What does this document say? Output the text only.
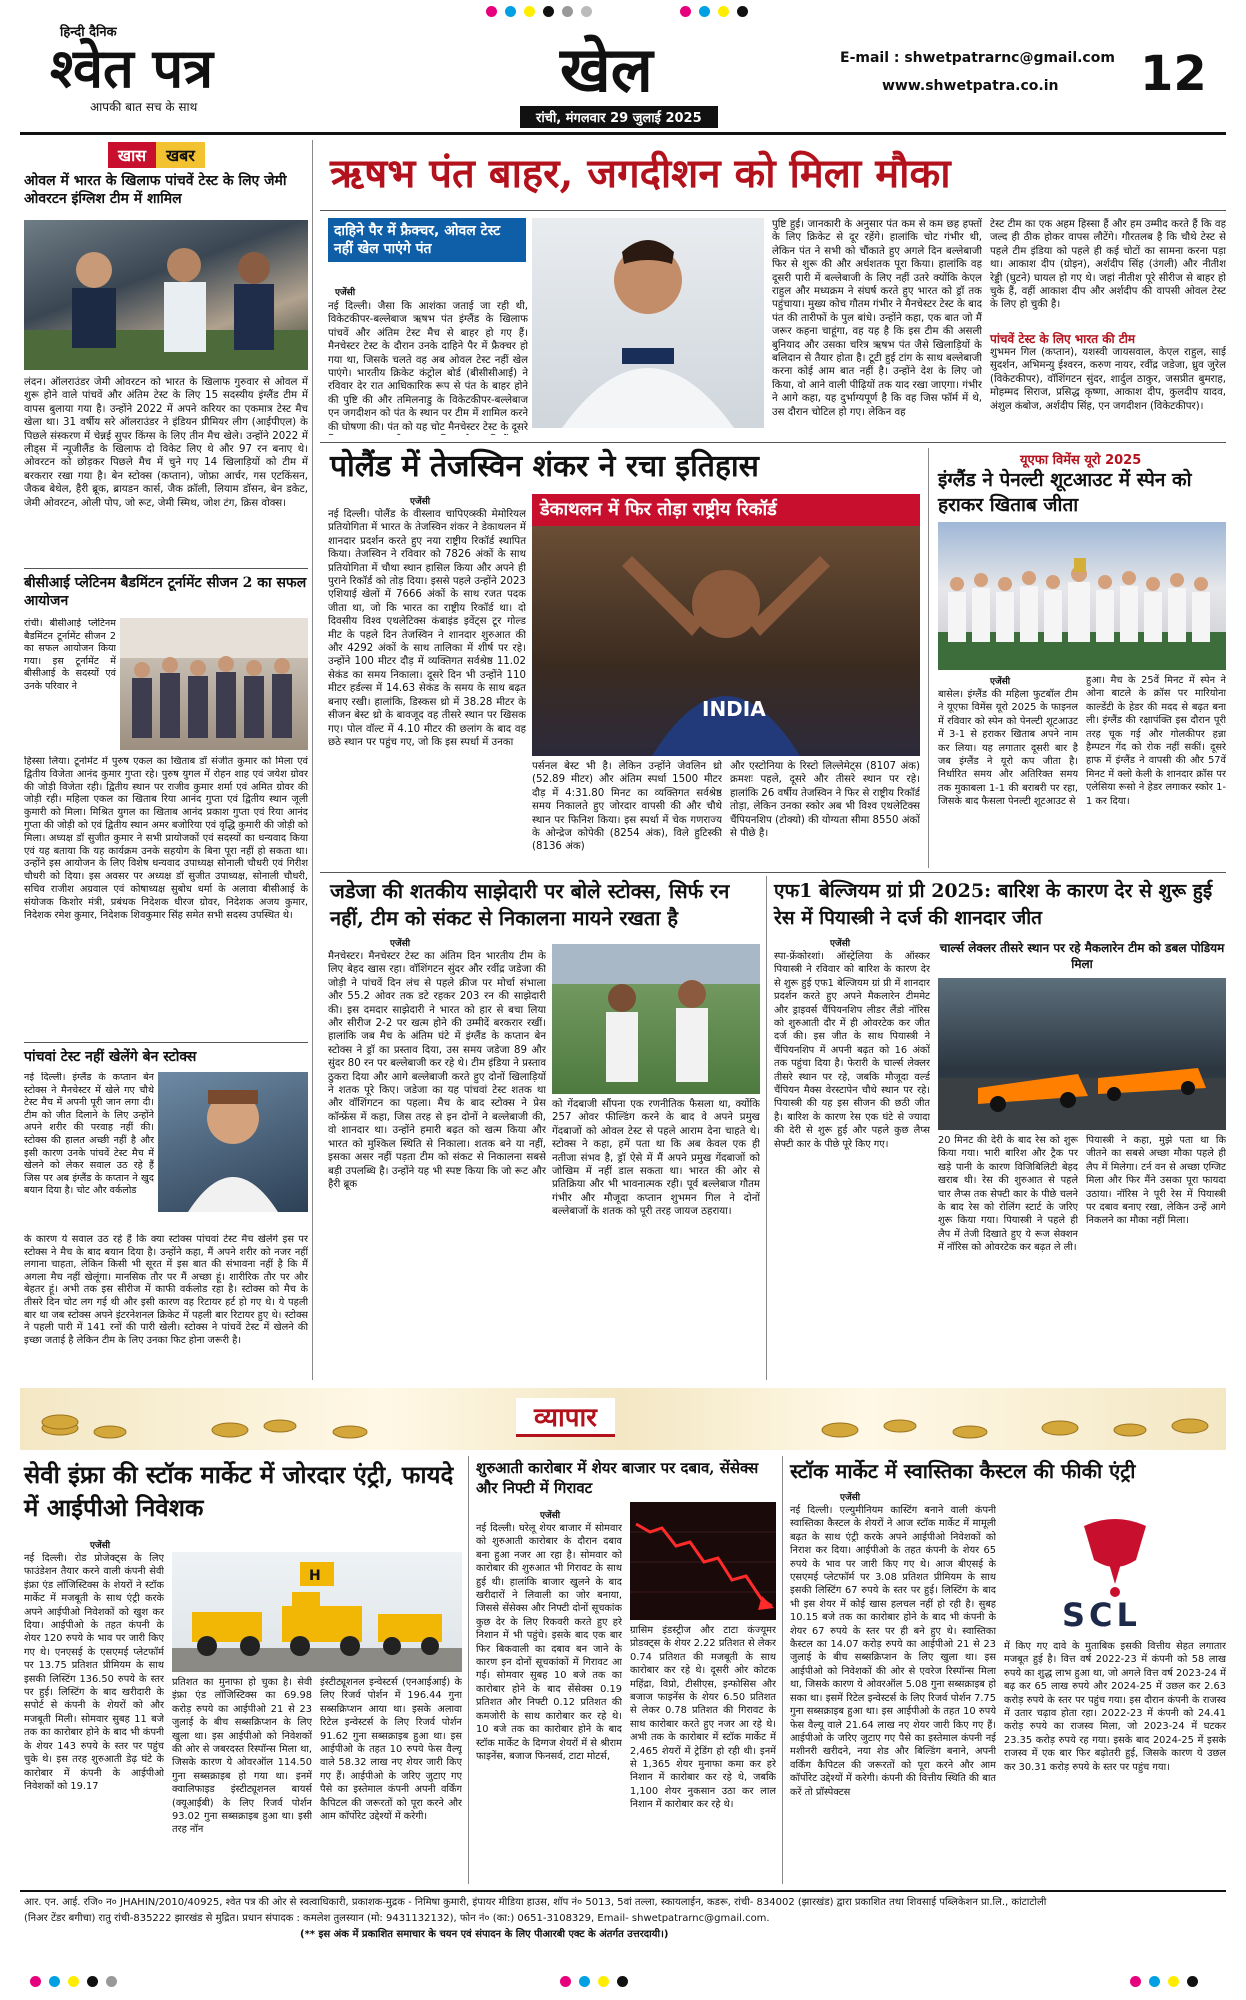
हिन्दी दैनिक
श्वेत पत्र
आपकी बात सच के साथ
खेल
रांची, मंगलवार 29 जुलाई 2025
E-mail : shwetpatrarnc@gmail.com
www.shwetpatra.co.in 12
खास	खबर
ओवल में भारत के खिलाफ पांचवें टेस्ट के लिए जेमी ओवरटन इंग्लिश टीम में शामिल
लंदन। ऑलराउंडर जेमी ओवरटन को भारत के खिलाफ गुरुवार से ओवल में शुरू होने वाले पांचवें और अंतिम टेस्ट के लिए 15 सदस्यीय इंग्लैंड टीम में वापस बुलाया गया है। उन्होंने 2022 में अपने करियर का एकमात्र टेस्ट मैच खेला था। 31 वर्षीय सरे ऑलराउंडर ने इंडियन प्रीमियर लीग (आईपीएल) के पिछले संस्करण में चेन्नई सुपर किंग्स के लिए तीन मैच खेले। उन्होंने 2022 में लीड्स में न्यूजीलैंड के खिलाफ दो विकेट लिए थे और 97 रन बनाए थे। ओवरटन को छोड़कर पिछले मैच में चुने गए 14 खिलाड़ियों को टीम में बरकरार रखा गया है। बेन स्टोक्स (कप्तान), जोफ्रा आर्चर, गस एटकिंसन, जैकब बेथेल, हैरी ब्रूक, ब्रायडन कार्स, जैक क्रॉली, लियाम डॉसन, बेन डकेट, जेमी ओवरटन, ओली पोप, जो रूट, जेमी स्मिथ, जोश टंग, क्रिस वोक्स।
बीसीआई प्लेटिनम बैडमिंटन टूर्नामेंट सीजन 2 का सफल आयोजन
रांची। बीसीआई प्लेटिनम बैडमिंटन टूर्नामेंट सीजन 2 का सफल आयोजन किया गया। इस टूर्नामेंट में बीसीआई के सदस्यों एवं उनके परिवार ने
हिस्सा लिया। टूर्नामेंट में पुरुष एकल का खिताब डॉ संजीत कुमार को मिला एवं द्वितीय विजेता आनंद कुमार गुप्ता रहे। पुरुष युगल में रोहन शाह एवं जयेश ग्रोवर की जोड़ी विजेता रही। द्वितीय स्थान पर राजीव कुमार शर्मा एवं अमित ग्रोवर की जोड़ी रही। महिला एकल का खिताब रिया आनंद गुप्ता एवं द्वितीय स्थान जूली कुमारी को मिला। मिश्रित युगल का खिताब आनंद प्रकाश गुप्ता एवं रिया आनंद गुप्ता की जोड़ी को एवं द्वितीय स्थान अमर बजोरिया एवं वृद्धि कुमारी की जोड़ी को मिला। अध्यक्ष डॉ सुजीत कुमार ने सभी प्रायोजकों एवं सदस्यों का धन्यवाद किया एवं यह बताया कि यह कार्यक्रम उनके सहयोग के बिना पूरा नहीं हो सकता था। उन्होंने इस आयोजन के लिए विशेष धन्यवाद उपाध्यक्ष सोनाली चौधरी एवं गिरीश चौधरी को दिया। इस अवसर पर अध्यक्ष डॉ सुजीत उपाध्यक्ष, सोनाली चौधरी, सचिव राजीश अग्रवाल एवं कोषाध्यक्ष सुबोध धर्मा के अलावा बीसीआई के संयोजक किशोर मंत्री, प्रबंधक निदेशक धीरज ग्रोवर, निदेशक अजय कुमार, निदेशक रमेश कुमार, निदेशक शिवकुमार सिंह समेत सभी सदस्य उपस्थित थे।
पांचवां टेस्ट नहीं खेलेंगे बेन स्टोक्स
नई दिल्ली। इंग्लैंड के कप्तान बेन स्टोक्स ने मैनचेस्टर में खेले गए चौथे टेस्ट मैच में अपनी पूरी जान लगा दी। टीम को जीत दिलाने के लिए उन्होंने अपने शरीर की परवाह नहीं की। स्टोक्स की हालत अच्छी नहीं है और इसी कारण उनके पांचवें टेस्ट मैच में खेलने को लेकर सवाल उठ रहे हैं जिस पर अब इंग्लैंड के कप्तान ने खुद बयान दिया है। चोट और वर्कलोड
के कारण ये सवाल उठ रहे हैं कि क्या स्टोक्स पांचवां टेस्ट मैच खेलेंगे इस पर स्टोक्स ने मैच के बाद बयान दिया है। उन्होंने कहा, मैं अपने शरीर को नजर नहीं लगाना चाहता, लेकिन किसी भी सूरत में इस बात की संभावना नहीं है कि मैं अगला मैच नहीं खेलूंगा। मानसिक तौर पर मैं अच्छा हूं। शारीरिक तौर पर और बेहतर हूं। अभी तक इस सीरीज में काफी वर्कलोड रहा है। स्टोक्स को मैच के तीसरे दिन चोट लग गई थी और इसी कारण वह रिटायर हर्ट हो गए थे। ये पहली बार था जब स्टोक्स अपने इंटरनेशनल क्रिकेट में पहली बार रिटायर हुए थे। स्टोक्स ने पहली पारी में 141 रनों की पारी खेली। स्टोक्स ने पांचवें टेस्ट में खेलने की इच्छा जताई है लेकिन टीम के लिए उनका फिट होना जरूरी है।
ऋषभ पंत बाहर, जगदीशन को मिला मौका
दाहिने पैर में फ्रैक्चर, ओवल टेस्ट नहीं खेल पाएंगे पंत
एजेंसी
नई दिल्ली। जैसा कि आशंका जताई जा रही थी, विकेटकीपर-बल्लेबाज ऋषभ पंत इंग्लैंड के खिलाफ पांचवें और अंतिम टेस्ट मैच से बाहर हो गए हैं। मैनचेस्टर टेस्ट के दौरान उनके दाहिने पैर में फ्रैक्चर हो गया था, जिसके चलते वह अब ओवल टेस्ट नहीं खेल पाएंगे। भारतीय क्रिकेट कंट्रोल बोर्ड (बीसीसीआई) ने रविवार देर रात आधिकारिक रूप से पंत के बाहर होने की पुष्टि की और तमिलनाडु के विकेटकीपर-बल्लेबाज एन जगदीशन को पंत के स्थान पर टीम में शामिल करने की घोषणा की। पंत को यह चोट मैनचेस्टर टेस्ट के दूसरे
पुष्टि हुई। जानकारी के अनुसार पंत कम से कम छह हफ्तों के लिए क्रिकेट से दूर रहेंगे। हालांकि चोट गंभीर थी, लेकिन पंत ने सभी को चौंकाते हुए अगले दिन बल्लेबाजी फिर से शुरू की और अर्धशतक पूरा किया। हालांकि वह दूसरी पारी में बल्लेबाजी के लिए नहीं उतरे क्योंकि केएल राहुल और मध्यक्रम ने संघर्ष करते हुए भारत को ड्रॉ तक पहुंचाया। मुख्य कोच गौतम गंभीर ने मैनचेस्टर टेस्ट के बाद पंत की तारीफों के पुल बांधे। उन्होंने कहा, एक बात जो मैं जरूर कहना चाहूंगा, वह यह है कि इस टीम की असली बुनियाद और उसका चरित्र ऋषभ पंत जैसे खिलाड़ियों के बलिदान से तैयार होता है। टूटी हुई टांग के साथ बल्लेबाजी करना कोई आम बात नहीं है। उन्होंने देश के लिए जो किया, वो आने वाली पीढ़ियों तक याद रखा जाएगा। गंभीर ने आगे कहा, यह दुर्भाग्यपूर्ण है कि वह जिस फॉर्म में थे, उस दौरान चोटिल हो गए। लेकिन वह
टेस्ट टीम का एक अहम हिस्सा हैं और हम उम्मीद करते हैं कि वह जल्द ही ठीक होकर वापस लौटेंगे। गौरतलब है कि चौथे टेस्ट से पहले टीम इंडिया को पहले ही कई चोटों का सामना करना पड़ा था। आकाश दीप (ग्रोइन), अर्शदीप सिंह (उंगली) और नीतीश रेड्डी (घुटने) घायल हो गए थे। जहां नीतीश पूरे सीरीज से बाहर हो चुके हैं, वहीं आकाश दीप और अर्शदीप की वापसी ओवल टेस्ट के लिए हो चुकी है।
पांचवें टेस्ट के लिए भारत की टीम
शुभमन गिल (कप्तान), यशस्वी जायसवाल, केएल राहुल, साई सुदर्शन, अभिमन्यु ईश्वरन, करुण नायर, रवींद्र जडेजा, ध्रुव जुरेल (विकेटकीपर), वॉशिंगटन सुंदर, शार्दुल ठाकुर, जसप्रीत बुमराह, मोहम्मद सिराज, प्रसिद्ध कृष्णा, आकाश दीप, कुलदीप यादव, अंशुल कंबोज, अर्शदीप सिंह, एन जगदीशन (विकेटकीपर)।
पोलैंड में तेजस्विन शंकर ने रचा इतिहास
एजेंसी
नई दिल्ली। पोलैंड के वीस्लाव चापिएव्स्की मेमोरियल प्रतियोगिता में भारत के तेजस्विन शंकर ने डेकाथलन में शानदार प्रदर्शन करते हुए नया राष्ट्रीय रिकॉर्ड स्थापित किया। तेजस्विन ने रविवार को 7826 अंकों के साथ प्रतियोगिता में चौथा स्थान हासिल किया और अपने ही पुराने रिकॉर्ड को तोड़ दिया। इससे पहले उन्होंने 2023 एशियाई खेलों में 7666 अंकों के साथ रजत पदक जीता था, जो कि भारत का राष्ट्रीय रिकॉर्ड था। दो दिवसीय विश्व एथलेटिक्स कंबाइंड इवेंट्स टूर गोल्ड मीट के पहले दिन तेजस्विन ने शानदार शुरुआत की और 4292 अंकों के साथ तालिका में शीर्ष पर रहे। उन्होंने 100 मीटर दौड़ में व्यक्तिगत सर्वश्रेष्ठ 11.02 सेकंड का समय निकाला। दूसरे दिन भी उन्होंने 110 मीटर हर्डल्स में 14.63 सेकंड के समय के साथ बढ़त बनाए रखी। हालांकि, डिस्कस थ्रो में 38.28 मीटर के सीजन बेस्ट थ्रो के बावजूद वह तीसरे स्थान पर खिसक गए। पोल वॉल्ट में 4.10 मीटर की छलांग के बाद वह छठे स्थान पर पहुंच गए, जो कि इस स्पर्धा में उनका
डेकाथलन में फिर तोड़ा राष्ट्रीय रिकॉर्ड
INDIA
पर्सनल बेस्ट भी है। लेकिन उन्होंने जेवलिन थ्रो (52.89 मीटर) और अंतिम स्पर्धा 1500 मीटर दौड़ में 4:31.80 मिनट का व्यक्तिगत सर्वश्रेष्ठ समय निकालते हुए जोरदार वापसी की और चौथे स्थान पर फिनिश किया। इस स्पर्धा में चेक गणराज्य के ओन्द्रेज कोपेकी (8254 अंक), विले हुटिस्की (8136 अंक)
और एस्टोनिया के रिस्टो लिल्लेमेट्स (8107 अंक) क्रमशः पहले, दूसरे और तीसरे स्थान पर रहे। हालांकि 26 वर्षीय तेजस्विन ने फिर से राष्ट्रीय रिकॉर्ड तोड़ा, लेकिन उनका स्कोर अब भी विश्व एथलेटिक्स चैंपियनशिप (टोक्यो) की योग्यता सीमा 8550 अंकों से पीछे है।
यूएफा विमेंस यूरो 2025
इंग्लैंड ने पेनल्टी शूटआउट में स्पेन को हराकर खिताब जीता
एजेंसी
बासेल। इंग्लैंड की महिला फुटबॉल टीम ने यूएफा विमेंस यूरो 2025 के फाइनल में रविवार को स्पेन को पेनल्टी शूटआउट में 3-1 से हराकर खिताब अपने नाम कर लिया। यह लगातार दूसरी बार है जब इंग्लैंड ने यूरो कप जीता है। निर्धारित समय और अतिरिक्त समय तक मुकाबला 1-1 की बराबरी पर रहा, जिसके बाद फैसला पेनल्टी शूटआउट से
हुआ। मैच के 25वें मिनट में स्पेन ने ओना बाटले के क्रॉस पर मारियोना काल्डेंटी के हेडर की मदद से बढ़त बना ली। इंग्लैंड की रक्षापंक्ति इस दौरान पूरी तरह चूक गई और गोलकीपर हन्ना हैम्पटन गेंद को रोक नहीं सकीं। दूसरे हाफ में इंग्लैंड ने वापसी की और 57वें मिनट में क्लो केली के शानदार क्रॉस पर एलेसिया रूसो ने हेडर लगाकर स्कोर 1-1 कर दिया।
जडेजा की शतकीय साझेदारी पर बोले स्टोक्स, सिर्फ रन नहीं, टीम को संकट से निकालना मायने रखता है
एजेंसी
मैनचेस्टर। मैनचेस्टर टेस्ट का अंतिम दिन भारतीय टीम के लिए बेहद खास रहा। वॉशिंगटन सुंदर और रवींद्र जडेजा की जोड़ी ने पांचवें दिन लंच से पहले क्रीज पर मोर्चा संभाला और 55.2 ओवर तक डटे रहकर 203 रन की साझेदारी की। इस दमदार साझेदारी ने भारत को हार से बचा लिया और सीरीज 2-2 पर खत्म होने की उम्मीदें बरकरार रखीं। हालांकि जब मैच के अंतिम घंटे में इंग्लैंड के कप्तान बेन स्टोक्स ने ड्रॉ का प्रस्ताव दिया, उस समय जडेजा 89 और सुंदर 80 रन पर बल्लेबाजी कर रहे थे। टीम इंडिया ने प्रस्ताव ठुकरा दिया और आगे बल्लेबाजी करते हुए दोनों खिलाड़ियों ने शतक पूरे किए। जडेजा का यह पांचवां टेस्ट शतक था और वॉशिंगटन का पहला। मैच के बाद स्टोक्स ने प्रेस कॉन्फ्रेंस में कहा, जिस तरह से इन दोनों ने बल्लेबाजी की, वो शानदार था। उन्होंने हमारी बढ़त को खत्म किया और भारत को मुश्किल स्थिति से निकाला। शतक बने या नहीं, इसका असर नहीं पड़ता टीम को संकट से निकालना सबसे बड़ी उपलब्धि है। उन्होंने यह भी स्पष्ट किया कि जो रूट और हैरी ब्रूक
को गेंदबाजी सौंपना एक रणनीतिक फैसला था, क्योंकि 257 ओवर फील्डिंग करने के बाद वे अपने प्रमुख गेंदबाजों को ओवल टेस्ट से पहले आराम देना चाहते थे। स्टोक्स ने कहा, हमें पता था कि अब केवल एक ही नतीजा संभव है, ड्रॉ ऐसे में मैं अपने प्रमुख गेंदबाजों को जोखिम में नहीं डाल सकता था। भारत की ओर से प्रतिक्रिया और भी भावनात्मक रही। पूर्व बल्लेबाज गौतम गंभीर और मौजूदा कप्तान शुभमन गिल ने दोनों बल्लेबाजों के शतक को पूरी तरह जायज ठहराया।
एफ1 बेल्जियम ग्रां प्री 2025: बारिश के कारण देर से शुरू हुई रेस में पियास्त्री ने दर्ज की शानदार जीत
एजेंसी
स्पा-फ्रेंकोरशां। ऑस्ट्रेलिया के ऑस्कर पियास्त्री ने रविवार को बारिश के कारण देर से शुरू हुई एफ1 बेल्जियम ग्रां प्री में शानदार प्रदर्शन करते हुए अपने मैकलारेन टीममेट और ड्राइवर्स चैंपियनशिप लीडर लैंडो नॉरिस को शुरुआती दौर में ही ओवरटेक कर जीत दर्ज की। इस जीत के साथ पियास्त्री ने चैंपियनशिप में अपनी बढ़त को 16 अंकों तक पहुंचा दिया है। फेरारी के चार्ल्स लेक्लर तीसरे स्थान पर रहे, जबकि मौजूदा वर्ल्ड चैंपियन मैक्स वेरस्टापेन चौथे स्थान पर रहे। पियास्त्री की यह इस सीजन की छठी जीत है। बारिश के कारण रेस एक घंटे से ज्यादा की देरी से शुरू हुई और पहले कुछ लैप्स सेफ्टी कार के पीछे पूरे किए गए।
चार्ल्स लेक्लर तीसरे स्थान पर रहे मैकलारेन टीम को डबल पोडियम मिला
20 मिनट की देरी के बाद रेस को शुरू किया गया। भारी बारिश और ट्रैक पर खड़े पानी के कारण विजिबिलिटी बेहद खराब थी। रेस की शुरुआत से पहले चार लैप्स तक सेफ्टी कार के पीछे चलने के बाद रेस को रोलिंग स्टार्ट के जरिए शुरू किया गया। पियास्त्री ने पहले ही लैप में तेजी दिखाते हुए ये रूज सेक्शन में नॉरिस को ओवरटेक कर बढ़त ले ली।
पियास्त्री ने कहा, मुझे पता था कि जीतने का सबसे अच्छा मौका पहले ही लैप में मिलेगा। टर्न वन से अच्छा एग्जिट मिला और फिर मैंने उसका पूरा फायदा उठाया। नॉरिस ने पूरी रेस में पियास्त्री पर दबाव बनाए रखा, लेकिन उन्हें आगे निकलने का मौका नहीं मिला।
व्यापार
सेवी इंफ्रा की स्टॉक मार्केट में जोरदार एंट्री, फायदे में आईपीओ निवेशक
एजेंसी
नई दिल्ली। रोड प्रोजेक्ट्स के लिए फाउंडेशन तैयार करने वाली कंपनी सेवी इंफ्रा एंड लॉजिस्टिक्स के शेयरों ने स्टॉक मार्केट में मजबूती के साथ एंट्री करके अपने आईपीओ निवेशकों को खुश कर दिया। आईपीओ के तहत कंपनी के शेयर 120 रुपये के भाव पर जारी किए गए थे। एनएसई के एसएमई प्लेटफॉर्म पर 13.75 प्रतिशत प्रीमियम के साथ इसकी लिस्टिंग 136.50 रुपये के स्तर पर हुई। लिस्टिंग के बाद खरीदारी के सपोर्ट से कंपनी के शेयरों को और मजबूती मिली। सोमवार सुबह 11 बजे तक का कारोबार होने के बाद भी कंपनी के शेयर 143 रुपये के स्तर पर पहुंच चुके थे। इस तरह शुरुआती डेढ़ घंटे के कारोबार में कंपनी के आईपीओ निवेशकों को 19.17
H
प्रतिशत का मुनाफा हो चुका है। सेवी इंफ्रा एंड लॉजिस्टिक्स का 69.98 करोड़ रुपये का आईपीओ 21 से 23 जुलाई के बीच सब्सक्रिप्शन के लिए खुला था। इस आईपीओ को निवेशकों की ओर से जबरदस्त रिस्पॉन्स मिला था, जिसके कारण ये ओवरऑल 114.50 गुना सब्सक्राइब हो गया था। इनमें क्वालिफाइड इंस्टीट्यूशनल बायर्स (क्यूआईबी) के लिए रिजर्व पोर्शन 93.02 गुना सब्सक्राइब हुआ था। इसी तरह नॉन
इंस्टीट्यूशनल इन्वेस्टर्स (एनआईआई) के लिए रिजर्व पोर्शन में 196.44 गुना सब्सक्रिप्शन आया था। इसके अलावा रिटेल इन्वेस्टर्स के लिए रिजर्व पोर्शन 91.62 गुना सब्सक्राइब हुआ था। इस आईपीओ के तहत 10 रुपये फेस वैल्यू वाले 58.32 लाख नए शेयर जारी किए गए हैं। आईपीओ के जरिए जुटाए गए पैसे का इस्तेमाल कंपनी अपनी वर्किंग कैपिटल की जरूरतों को पूरा करने और आम कॉर्पोरेट उद्देश्यों में करेगी।
शुरुआती कारोबार में शेयर बाजार पर दबाव, सेंसेक्स और निफ्टी में गिरावट
एजेंसी
नई दिल्ली। घरेलू शेयर बाजार में सोमवार को शुरुआती कारोबार के दौरान दबाव बना हुआ नजर आ रहा है। सोमवार को कारोबार की शुरुआत भी गिरावट के साथ हुई थी। हालांकि बाजार खुलने के बाद खरीदारों ने लिवाली का जोर बनाया, जिससे सेंसेक्स और निफ्टी दोनों सूचकांक कुछ देर के लिए रिकवरी करते हुए हरे निशान में भी पहुंचे। इसके बाद एक बार फिर बिकवाली का दबाव बन जाने के कारण इन दोनों सूचकांकों में गिरावट आ गई। सोमवार सुबह 10 बजे तक का कारोबार होने के बाद सेंसेक्स 0.19 प्रतिशत और निफ्टी 0.12 प्रतिशत की कमजोरी के साथ कारोबार कर रहे थे। 10 बजे तक का कारोबार होने के बाद स्टॉक मार्केट के दिग्गज शेयरों में से श्रीराम फाइनेंस, बजाज फिनसर्व, टाटा मोटर्स,
ग्रासिम इंडस्ट्रीज और टाटा कंज्यूमर प्रोडक्ट्स के शेयर 2.22 प्रतिशत से लेकर 0.74 प्रतिशत की मजबूती के साथ कारोबार कर रहे थे। दूसरी ओर कोटक महिंद्रा, विप्रो, टीसीएस, इन्फोसिस और बजाज फाइनेंस के शेयर 6.50 प्रतिशत से लेकर 0.78 प्रतिशत की गिरावट के साथ कारोबार करते हुए नजर आ रहे थे। अभी तक के कारोबार में स्टॉक मार्केट में 2,465 शेयरों में ट्रेडिंग हो रही थी। इनमें से 1,365 शेयर मुनाफा कमा कर हरे निशान में कारोबार कर रहे थे, जबकि 1,100 शेयर नुकसान उठा कर लाल निशान में कारोबार कर रहे थे।
स्टॉक मार्केट में स्वास्तिका कैस्टल की फीकी एंट्री
एजेंसी
नई दिल्ली। एल्युमीनियम कास्टिंग बनाने वाली कंपनी स्वास्तिका कैस्टल के शेयरों ने आज स्टॉक मार्केट में मामूली बढ़त के साथ एंट्री करके अपने आईपीओ निवेशकों को निराश कर दिया। आईपीओ के तहत कंपनी के शेयर 65 रुपये के भाव पर जारी किए गए थे। आज बीएसई के एसएमई प्लेटफॉर्म पर 3.08 प्रतिशत प्रीमियम के साथ इसकी लिस्टिंग 67 रुपये के स्तर पर हुई। लिस्टिंग के बाद भी इस शेयर में कोई खास हलचल नहीं हो रही है। सुबह 10.15 बजे तक का कारोबार होने के बाद भी कंपनी के शेयर 67 रुपये के स्तर पर ही बने हुए थे। स्वास्तिका कैस्टल का 14.07 करोड़ रुपये का आईपीओ 21 से 23 जुलाई के बीच सब्सक्रिप्शन के लिए खुला था। इस आईपीओ को निवेशकों की ओर से एवरेज रिस्पॉन्स मिला था, जिसके कारण ये ओवरऑल 5.08 गुना सब्सक्राइब हो सका था। इसमें रिटेल इन्वेस्टर्स के लिए रिजर्व पोर्शन 7.75 गुना सब्सक्राइब हुआ था। इस आईपीओ के तहत 10 रुपये फेस वैल्यू वाले 21.64 लाख नए शेयर जारी किए गए हैं। आईपीओ के जरिए जुटाए गए पैसे का इस्तेमाल कंपनी नई मशीनरी खरीदने, नया शेड और बिल्डिंग बनाने, अपनी वर्किंग कैपिटल की जरूरतों को पूरा करने और आम कॉर्पोरेट उद्देश्यों में करेगी। कंपनी की वित्तीय स्थिति की बात करें तो प्रॉस्पेक्टस
SCL
में किए गए दावे के मुताबिक इसकी वित्तीय सेहत लगातार मजबूत हुई है। वित्त वर्ष 2022-23 में कंपनी को 58 लाख रुपये का शुद्ध लाभ हुआ था, जो अगले वित्त वर्ष 2023-24 में बढ़ कर 65 लाख रुपये और 2024-25 में उछल कर 2.63 करोड़ रुपये के स्तर पर पहुंच गया। इस दौरान कंपनी के राजस्व में उतार चढ़ाव होता रहा। 2022-23 में कंपनी को 24.41 करोड़ रुपये का राजस्व मिला, जो 2023-24 में घटकर 23.35 करोड़ रुपये रह गया। इसके बाद 2024-25 में इसके राजस्व में एक बार फिर बढ़ोतरी हुई, जिसके कारण ये उछल कर 30.31 करोड़ रुपये के स्तर पर पहुंच गया।
आर. एन. आई. रजि० न० JHAHIN/2010/40925, श्वेत पत्र की ओर से स्वत्वाधिकारी, प्रकाशक-मुद्रक - निमिषा कुमारी, इंपायर मीडिया हाउस, शॉप नं० 5013, 5वां तल्ला, स्कायलाईन, कडरू, रांची- 834002 (झारखंड) द्वारा प्रकाशित तथा शिवसाई पब्लिकेशन प्रा.लि., कांटाटोली
(निअर टेंडर बगीचा) रातु रांची-835222 झारखंड से मुद्रित। प्रधान संपादक : कमलेश तुलस्यान (मो: 9431132132), फोन नं० (का:) 0651-3108329, Email- shwetpatrarnc@gmail.com.
(** इस अंक में प्रकाशित समाचार के चयन एवं संपादन के लिए पीआरबी एक्ट के अंतर्गत उत्तरदायी।)
